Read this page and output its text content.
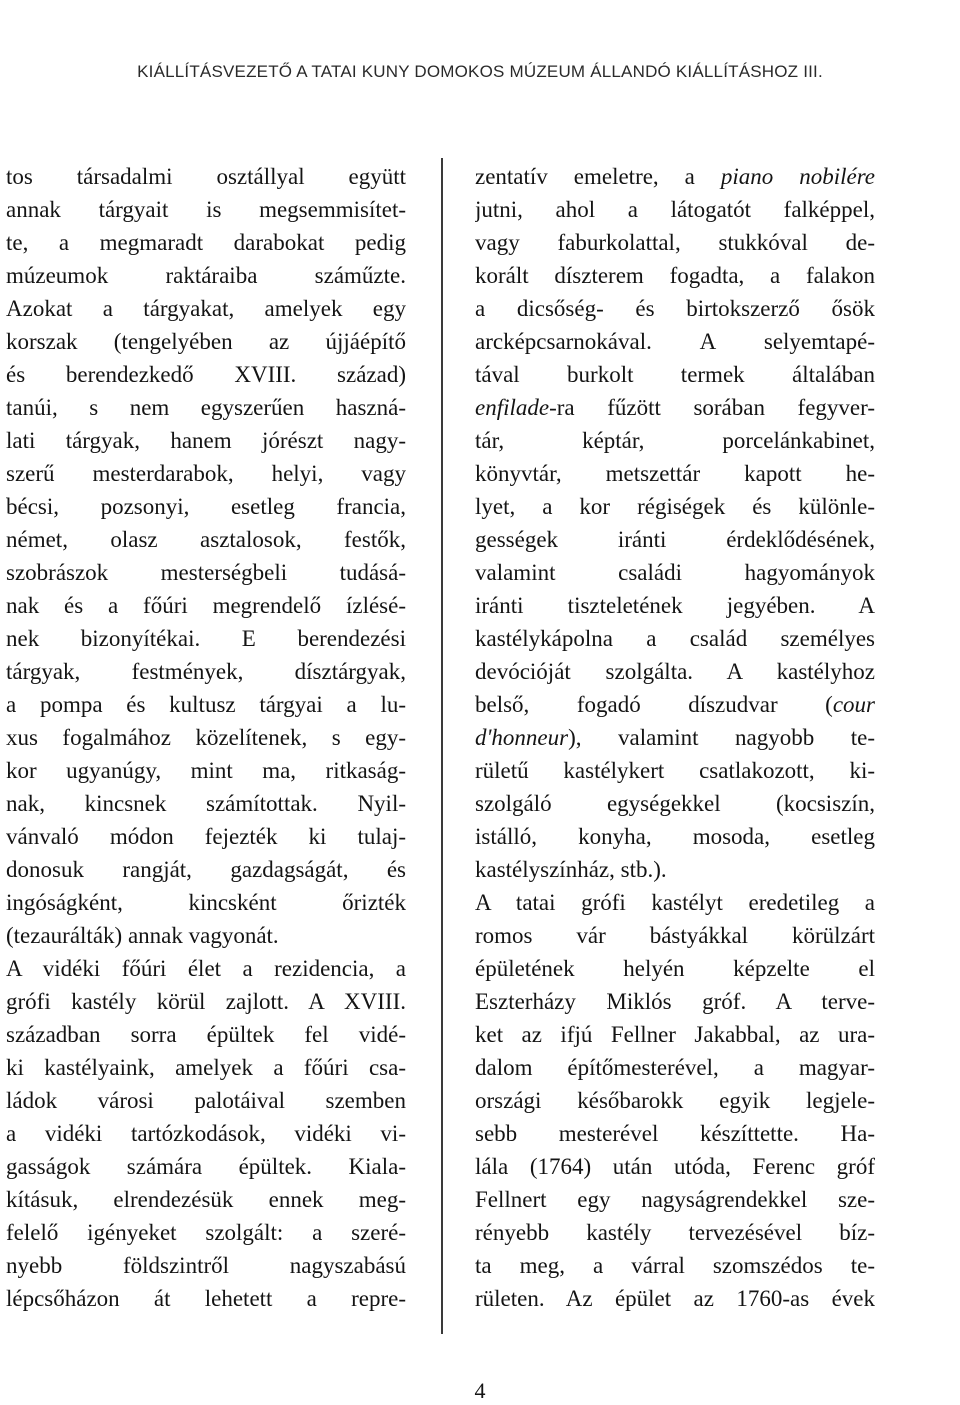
KIÁLLÍTÁSVEZETŐ A TATAI KUNY DOMOKOS MÚZEUM ÁLLANDÓ KIÁLLÍTÁSHOZ III.
tos társadalmi osztállyal együtt
annak tárgyait is megsemmisítet-
te, a megmaradt darabokat pedig
múzeumok raktáraiba száműzte.
Azokat a tárgyakat, amelyek egy
korszak (tengelyében az újjáépítő
és berendezkedő XVIII. század)
tanúi, s nem egyszerűen haszná-
lati tárgyak, hanem jórészt nagy-
szerű mesterdarabok, helyi, vagy
bécsi, pozsonyi, esetleg francia,
német, olasz asztalosok, festők,
szobrászok mesterségbeli tudásá-
nak és a főúri megrendelő ízlésé-
nek bizonyítékai. E berendezési
tárgyak, festmények, dísztárgyak,
a pompa és kultusz tárgyai a lu-
xus fogalmához közelítenek, s egy-
kor ugyanúgy, mint ma, ritkaság-
nak, kincsnek számítottak. Nyil-
vánvaló módon fejezték ki tulaj-
donosuk rangját, gazdagságát, és
ingóságként, kincsként őrizték
(tezaurálták) annak vagyonát.
A vidéki főúri élet a rezidencia, a
grófi kastély körül zajlott. A XVIII.
században sorra épültek fel vidé-
ki kastélyaink, amelyek a főúri csa-
ládok városi palotáival szemben
a vidéki tartózkodások, vidéki vi-
gasságok számára épültek. Kiala-
kításuk, elrendezésük ennek meg-
felelő igényeket szolgált: a szeré-
nyebb földszintről nagyszabású
lépcsőházon át lehetett a repre-
zentatív emeletre, a piano nobilére
jutni, ahol a látogatót falképpel,
vagy faburkolattal, stukkóval de-
korált díszterem fogadta, a falakon
a dicsőség- és birtokszerző ősök
arcképcsarnokával. A selyemtapé-
tával burkolt termek általában
enfilade-ra fűzött sorában fegyver-
tár, képtár, porcelánkabinet,
könyvtár, metszettár kapott he-
lyet, a kor régiségek és különle-
gességek iránti érdeklődésének,
valamint családi hagyományok
iránti tiszteletének jegyében. A
kastélykápolna a család személyes
devócióját szolgálta. A kastélyhoz
belső, fogadó díszudvar (cour
d'honneur), valamint nagyobb te-
rületű kastélykert csatlakozott, ki-
szolgáló egységekkel (kocsiszín,
istálló, konyha, mosoda, esetleg
kastélyszínház, stb.).
A tatai grófi kastélyt eredetileg a
romos vár bástyákkal körülzárt
épületének helyén képzelte el
Eszterházy Miklós gróf. A terve-
ket az ifjú Fellner Jakabbal, az ura-
dalom építőmesterével, a magyar-
országi későbarokk egyik legjele-
sebb mesterével készíttette. Ha-
lála (1764) után utóda, Ferenc gróf
Fellnert egy nagyságrendekkel sze-
rényebb kastély tervezésével bíz-
ta meg, a várral szomszédos te-
rületen. Az épület az 1760-as évek
4
